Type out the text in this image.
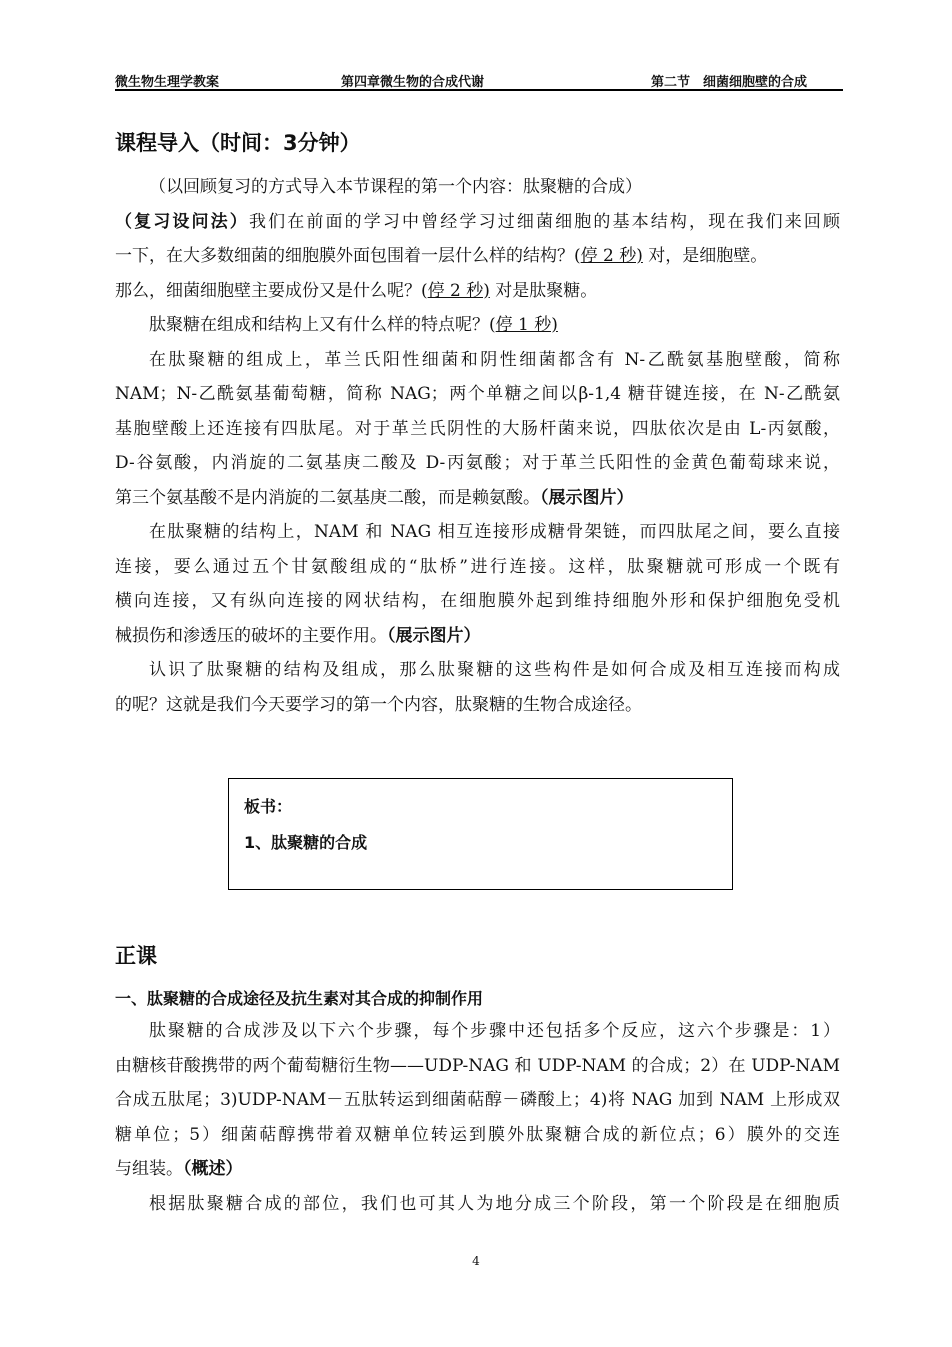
微生物生理学教案	第四章微生物的合成代谢	第二节　细菌细胞壁的合成
课程导入（时间：3分钟）
（以回顾复习的方式导入本节课程的第一个内容：肽聚糖的合成）
（复习设问法）我们在前面的学习中曾经学习过细菌细胞的基本结构，现在我们来回顾
一下，在大多数细菌的细胞膜外面包围着一层什么样的结构？(停 2 秒) 对，是细胞壁。
那么，细菌细胞壁主要成份又是什么呢？(停 2 秒) 对是肽聚糖。
肽聚糖在组成和结构上又有什么样的特点呢？(停 1 秒)
在肽聚糖的组成上，革兰氏阳性细菌和阴性细菌都含有 N-乙酰氨基胞壁酸，简称
NAM；N-乙酰氨基葡萄糖，简称 NAG；两个单糖之间以β-1,4 糖苷键连接，在 N-乙酰氨
基胞壁酸上还连接有四肽尾。对于革兰氏阴性的大肠杆菌来说，四肽依次是由 L-丙氨酸，
D-谷氨酸，内消旋的二氨基庚二酸及 D-丙氨酸；对于革兰氏阳性的金黄色葡萄球来说，
第三个氨基酸不是内消旋的二氨基庚二酸，而是赖氨酸。（展示图片）
在肽聚糖的结构上，NAM 和 NAG 相互连接形成糖骨架链，而四肽尾之间，要么直接
连接，要么通过五个甘氨酸组成的“肽桥”进行连接。这样，肽聚糖就可形成一个既有
横向连接，又有纵向连接的网状结构，在细胞膜外起到维持细胞外形和保护细胞免受机
械损伤和渗透压的破坏的主要作用。（展示图片）
认识了肽聚糖的结构及组成，那么肽聚糖的这些构件是如何合成及相互连接而构成
的呢？这就是我们今天要学习的第一个内容，肽聚糖的生物合成途径。
板书：
1、肽聚糖的合成
正课
一、肽聚糖的合成途径及抗生素对其合成的抑制作用
肽聚糖的合成涉及以下六个步骤，每个步骤中还包括多个反应，这六个步骤是：1）
由糖核苷酸携带的两个葡萄糖衍生物——UDP-NAG 和 UDP-NAM 的合成；2）在 UDP-NAM
合成五肽尾；3)UDP-NAM－五肽转运到细菌萜醇－磷酸上；4)将 NAG 加到 NAM 上形成双
糖单位；5）细菌萜醇携带着双糖单位转运到膜外肽聚糖合成的新位点；6）膜外的交连
与组装。（概述）
根据肽聚糖合成的部位，我们也可其人为地分成三个阶段，第一个阶段是在细胞质
4
